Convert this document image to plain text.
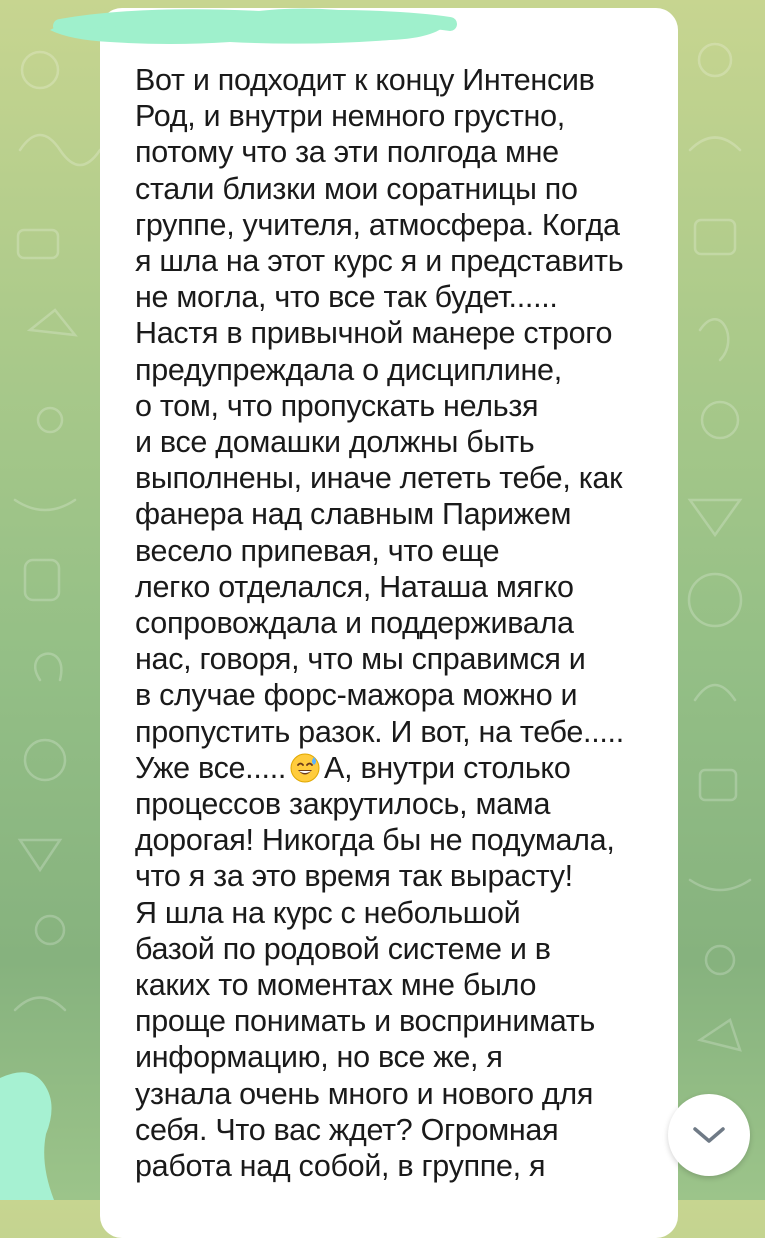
Вот и подходит к концу Интенсив
Род, и внутри немного грустно,
потому что за эти полгода мне
стали близки мои соратницы по
группе, учителя, атмосфера. Когда
я шла на этот курс я и представить
не могла, что все так будет......
Настя в привычной манере строго
предупреждала о дисциплине,
о том, что пропускать нельзя
и все домашки должны быть
выполнены, иначе лететь тебе, как
фанера над славным Парижем
весело припевая, что еще
легко отделался, Наташа мягко
сопровождала и поддерживала
нас, говоря, что мы справимся и
в случае форс-мажора можно и
пропустить разок. И вот, на тебе.....
Уже все..... А, внутри столько
процессов закрутилось, мама
дорогая! Никогда бы не подумала,
что я за это время так вырасту!
Я шла на курс с небольшой
базой по родовой системе и в
каких то моментах мне было
проще понимать и воспринимать
информацию, но все же, я
узнала очень много и нового для
себя. Что вас ждет? Огромная
работа над собой, в группе, я
